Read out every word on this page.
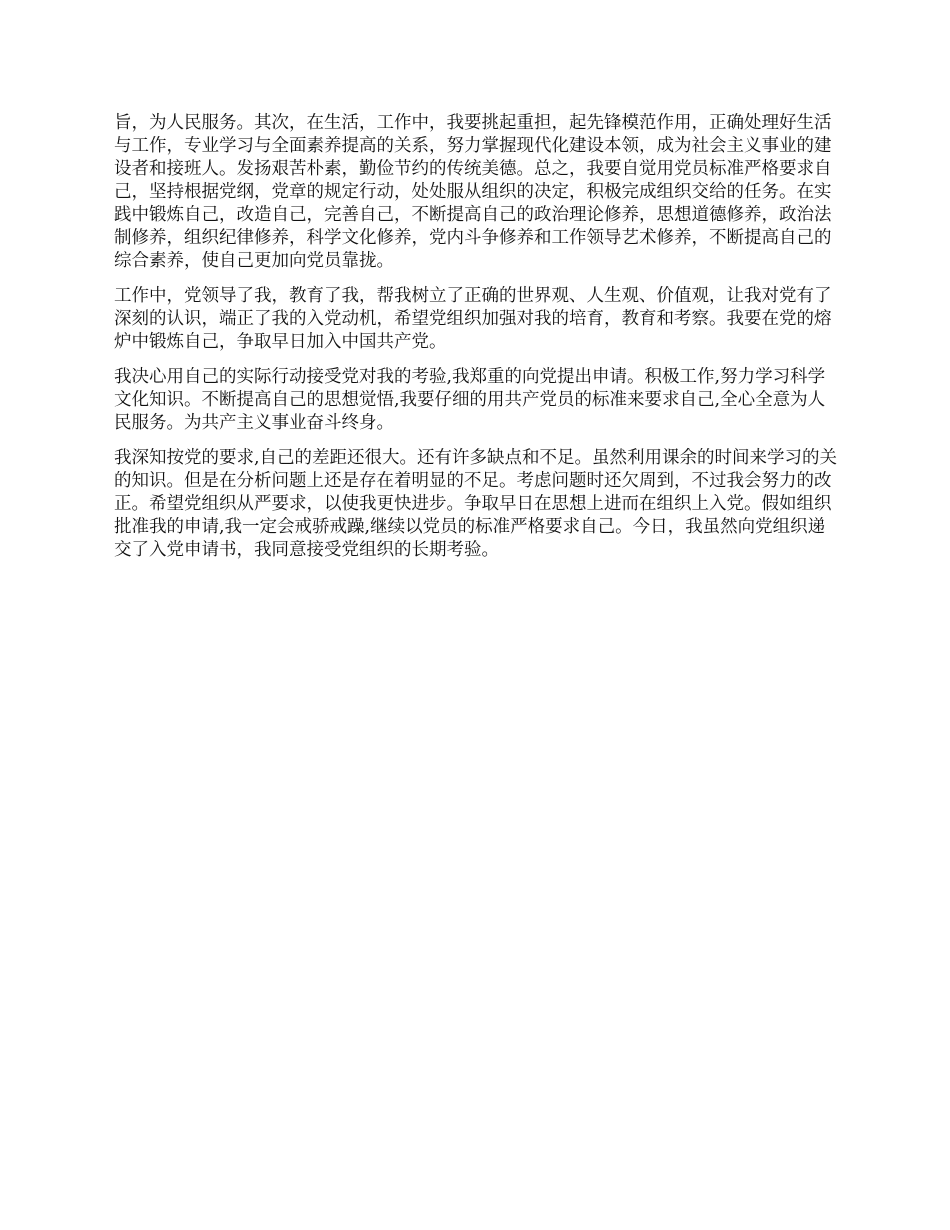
旨，为人民服务。其次，在生活，工作中，我要挑起重担，起先锋模范作用，正确处理好生活与工作，专业学习与全面素养提高的关系，努力掌握现代化建设本领，成为社会主义事业的建设者和接班人。发扬艰苦朴素，勤俭节约的传统美德。总之，我要自觉用党员标准严格要求自己，坚持根据党纲，党章的规定行动，处处服从组织的决定，积极完成组织交给的任务。在实践中锻炼自己，改造自己，完善自己，不断提高自己的政治理论修养，思想道德修养，政治法制修养，组织纪律修养，科学文化修养，党内斗争修养和工作领导艺术修养，不断提高自己的综合素养，使自己更加向党员靠拢。

工作中，党领导了我，教育了我，帮我树立了正确的世界观、人生观、价值观，让我对党有了深刻的认识，端正了我的入党动机，希望党组织加强对我的培育，教育和考察。我要在党的熔炉中锻炼自己，争取早日加入中国共产党。

我决心用自己的实际行动接受党对我的考验,我郑重的向党提出申请。积极工作,努力学习科学文化知识。不断提高自己的思想觉悟,我要仔细的用共产党员的标准来要求自己,全心全意为人民服务。为共产主义事业奋斗终身。

我深知按党的要求,自己的差距还很大。还有许多缺点和不足。虽然利用课余的时间来学习的关的知识。但是在分析问题上还是存在着明显的不足。考虑问题时还欠周到，不过我会努力的改正。希望党组织从严要求，以使我更快进步。争取早日在思想上进而在组织上入党。假如组织批准我的申请,我一定会戒骄戒躁,继续以党员的标准严格要求自己。今日，我虽然向党组织递交了入党申请书，我同意接受党组织的长期考验。
